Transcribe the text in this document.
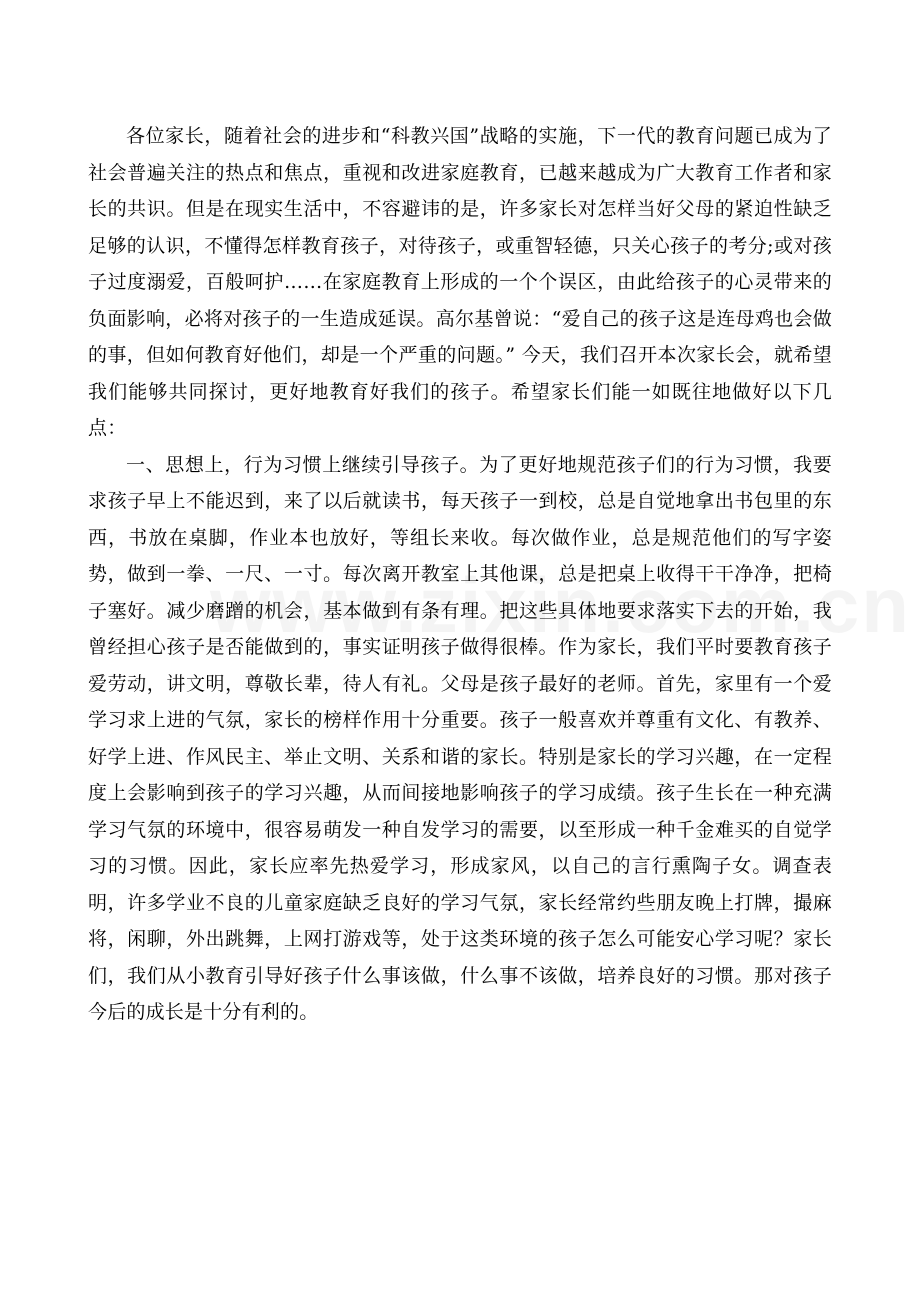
各位家长，随着社会的进步和“科教兴国”战略的实施，下一代的教育问题已成为了社会普遍关注的热点和焦点，重视和改进家庭教育，已越来越成为广大教育工作者和家长的共识。但是在现实生活中，不容避讳的是，许多家长对怎样当好父母的紧迫性缺乏足够的认识，不懂得怎样教育孩子，对待孩子，或重智轻德，只关心孩子的考分;或对孩子过度溺爱，百般呵护……在家庭教育上形成的一个个误区，由此给孩子的心灵带来的负面影响，必将对孩子的一生造成延误。高尔基曾说：“爱自己的孩子这是连母鸡也会做的事，但如何教育好他们，却是一个严重的问题。” 今天，我们召开本次家长会，就希望我们能够共同探讨，更好地教育好我们的孩子。希望家长们能一如既往地做好以下几点：

一、思想上，行为习惯上继续引导孩子。为了更好地规范孩子们的行为习惯，我要求孩子早上不能迟到，来了以后就读书，每天孩子一到校，总是自觉地拿出书包里的东西，书放在桌脚，作业本也放好，等组长来收。每次做作业，总是规范他们的写字姿势，做到一拳、一尺、一寸。每次离开教室上其他课，总是把桌上收得干干净净，把椅子塞好。减少磨蹭的机会，基本做到有条有理。把这些具体地要求落实下去的开始，我曾经担心孩子是否能做到的，事实证明孩子做得很棒。作为家长，我们平时要教育孩子爱劳动，讲文明，尊敬长辈，待人有礼。父母是孩子最好的老师。首先，家里有一个爱学习求上进的气氛，家长的榜样作用十分重要。孩子一般喜欢并尊重有文化、有教养、好学上进、作风民主、举止文明、关系和谐的家长。特别是家长的学习兴趣，在一定程度上会影响到孩子的学习兴趣，从而间接地影响孩子的学习成绩。孩子生长在一种充满学习气氛的环境中，很容易萌发一种自发学习的需要，以至形成一种千金难买的自觉学习的习惯。因此，家长应率先热爱学习，形成家风，以自己的言行熏陶子女。调查表明，许多学业不良的儿童家庭缺乏良好的学习气氛，家长经常约些朋友晚上打牌，撮麻将，闲聊，外出跳舞，上网打游戏等，处于这类环境的孩子怎么可能安心学习呢？家长们，我们从小教育引导好孩子什么事该做，什么事不该做，培养良好的习惯。那对孩子今后的成长是十分有利的。
